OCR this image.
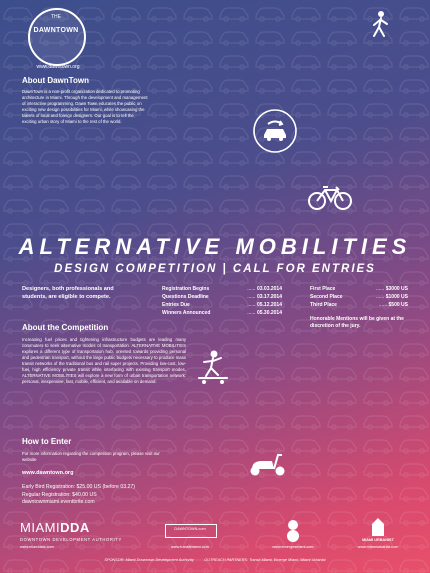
THE
DAWNTOWN
www.dawntown.org
About DawnTown
DawnTown is a non-profit organization dedicated to promoting architecture in Miami. Through the development and management of interactive programming, Dawn Town educates the public on exciting new design possibilities for Miami, while showcasing the talents of local and foreign designers. Our goal is to tell the exciting urban story of Miami to the rest of the world.
ALTERNATIVE MOBILITIES
DESIGN COMPETITION | CALL FOR ENTRIES
Designers, both professionals and students, are eligible to compete.
Registration Begins	...... 03.03.2014
Questions Deadline	...... 03.17.2014
Entries Due	...... 05.12.2014
Winners Announced	...... 05.30.2014
First Place	...... $3000 US
Second Place	...... $1000 US
Third Place	...... $500 US
Honorable Mentions will be given at the discretion of the jury.
About the Competition
Increasing fuel prices and tightening infrastructure budgets are leading many commuters to seek alternative modes of transportation. ALTERNATIVE MOBILITIES explores a different type of transportation hub, oriented towards providing personal and pedestrian transport, without the large public budgets necessary to produce mass transit networks of the traditional bus and rail super projects. Providing low-cost, low-fuel, high efficiency private transit while interfacing with existing transport modes, ALTERNATIVE MOBILITIES will explore a new form of urban transportation network: personal, inexpensive, fast, mobile, efficient, and available on demand.
How to Enter
For more information regarding the competition program, please visit our website
www.dawntown.org
Early Bird Registration: $25.00 US (before 03.27)
Regular Registration: $40.00 US
dawntownmiami.eventbrite.com
MIAMIDDA
DOWNTOWN DEVELOPMENT AUTHORITY
www.miamidda.com
DAWNTOWN.com
www.transitmiami.com	www.emergeseiami.com
MIAMI URBANIST
www.miamiurbanist.com
SPONSOR: Miami Downtown Development Authority          OUTREACH PARTNERS: Transit Miami, Emerge Miami, Miami Urbanist
